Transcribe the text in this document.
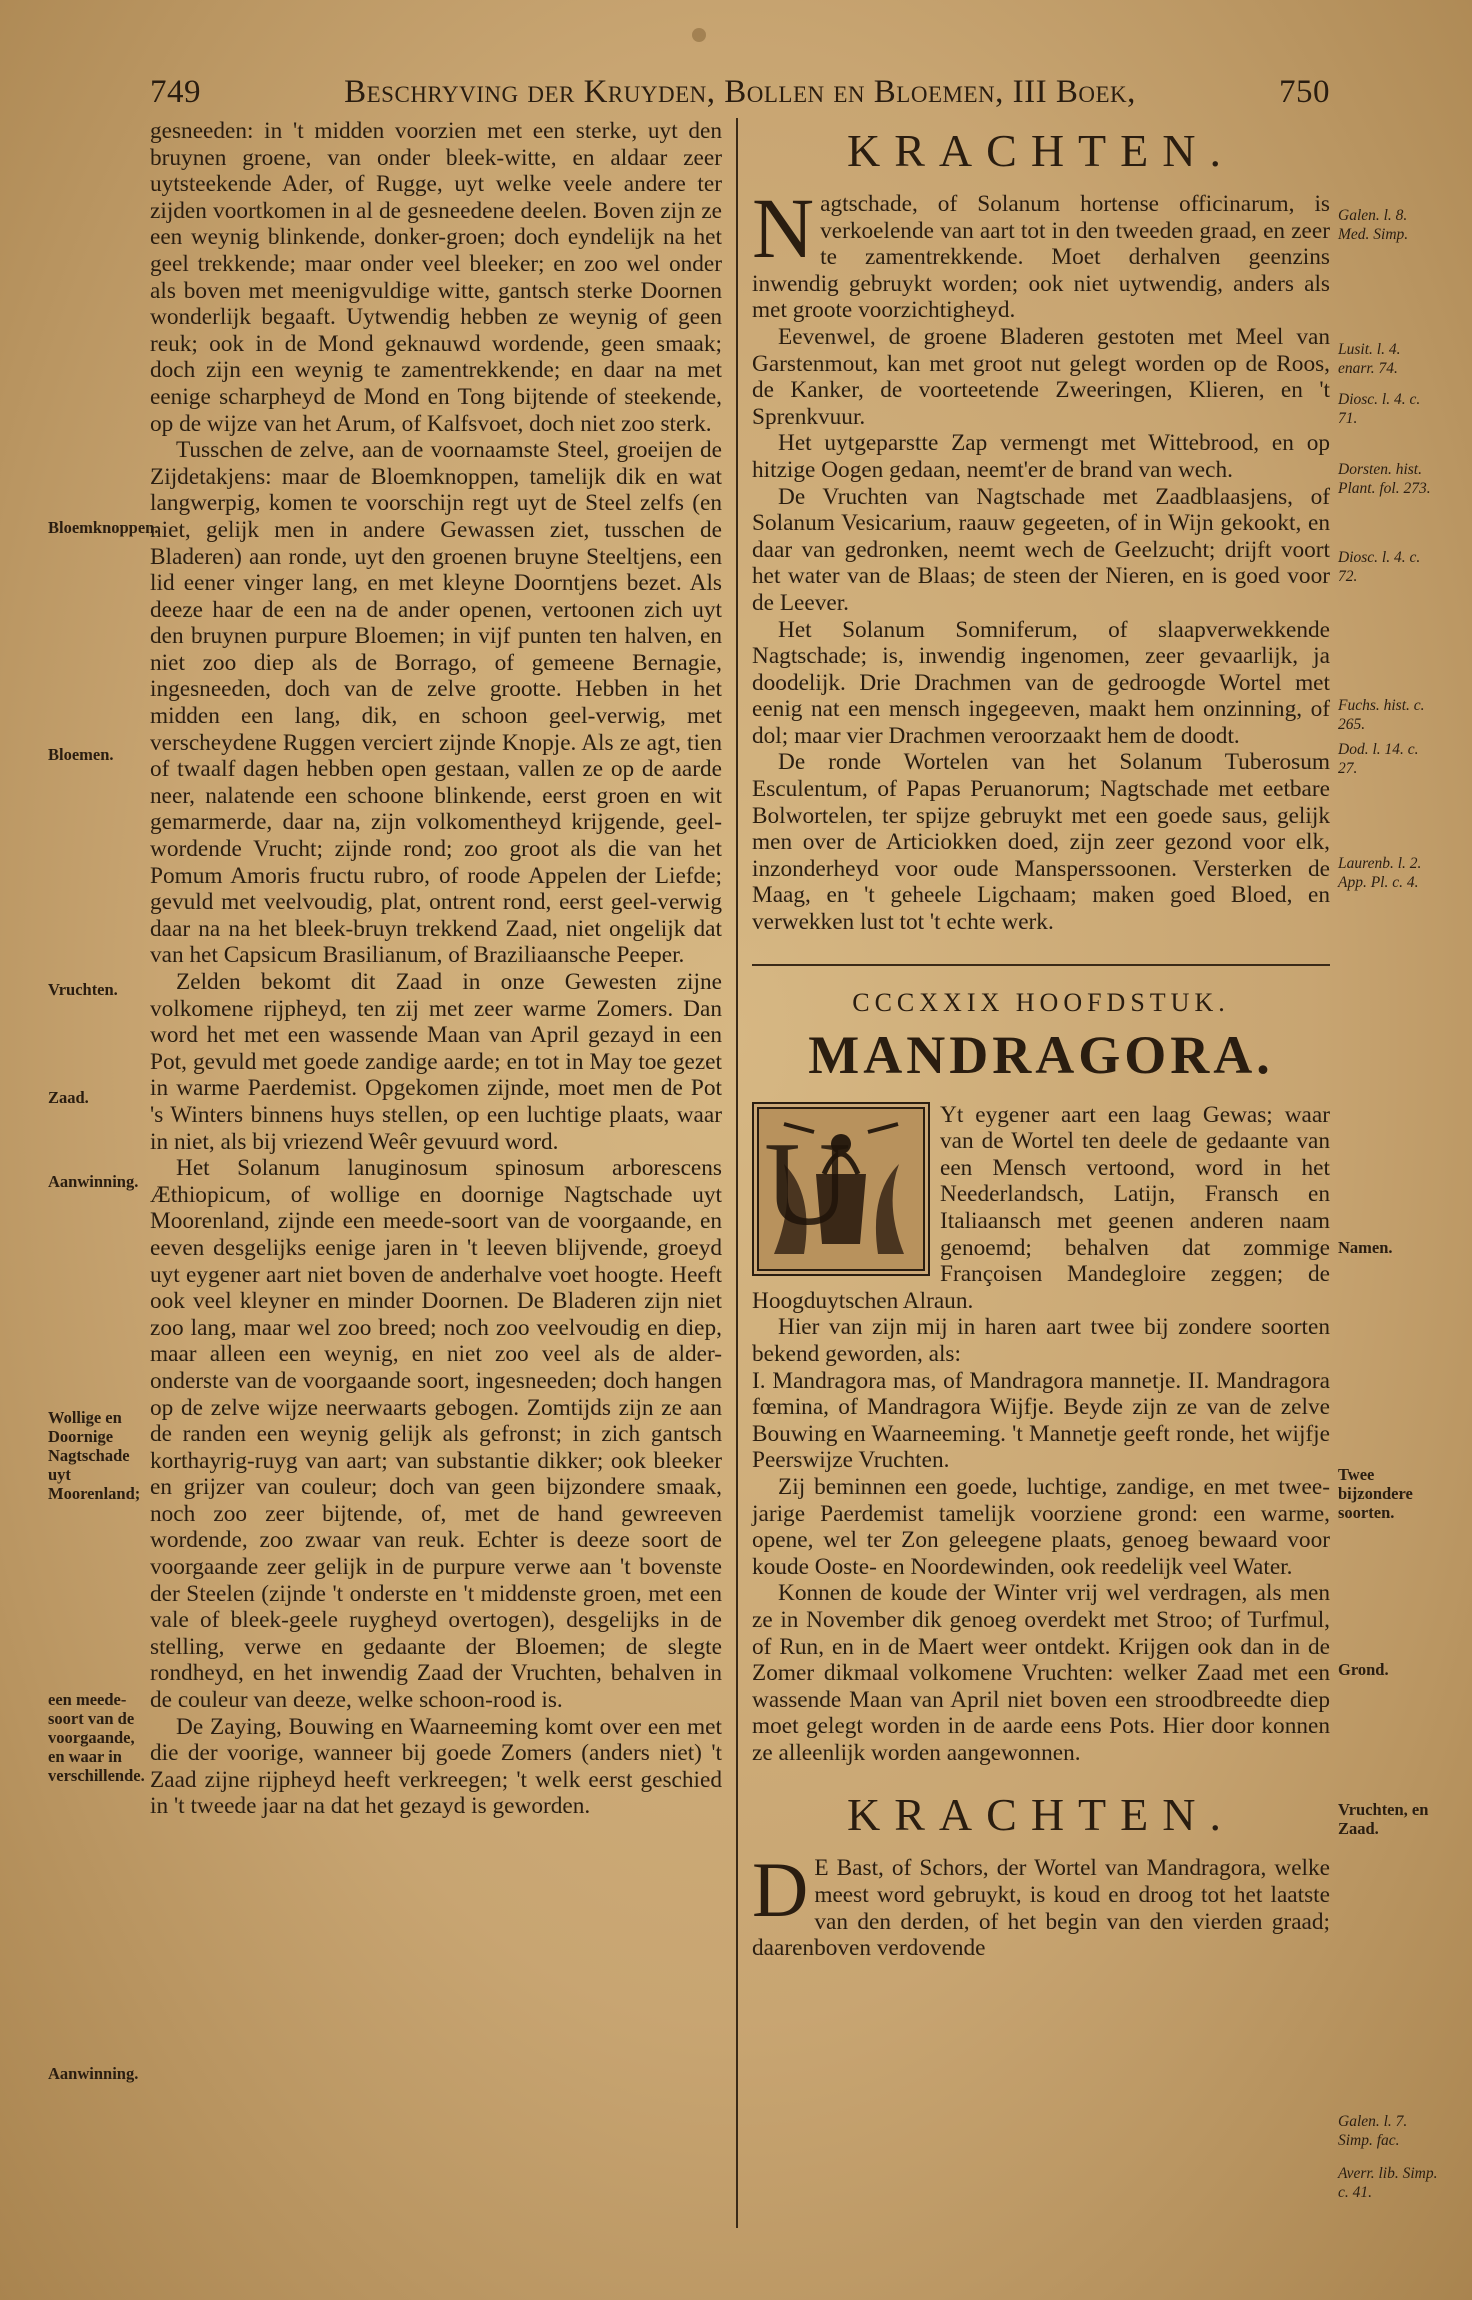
749	Beschryving der Kruyden, Bollen en Bloemen, III Boek,	750
Bloemknoppen.
Bloemen.
Vruchten.
Zaad.
Aanwinning.
Wollige en Doornige Nagtschade uyt Moorenland;
een meede-soort van de voorgaande, en waar in verschillende.
Aanwinning.

gesneeden: in 't midden voorzien met een sterke, uyt den bruynen groene, van onder bleek-witte, en aldaar zeer uytsteekende Ader, of Rugge, uyt welke veele andere ter zijden voortkomen in al de gesneedene deelen. Boven zijn ze een weynig blinkende, donker-groen; doch eyndelijk na het geel trekkende; maar onder veel bleeker; en zoo wel onder als boven met meenigvuldige witte, gantsch sterke Doornen wonderlijk begaaft. Uytwendig hebben ze weynig of geen reuk; ook in de Mond geknauwd wordende, geen smaak; doch zijn een weynig te zamentrekkende; en daar na met eenige scharpheyd de Mond en Tong bijtende of steekende, op de wijze van het Arum, of Kalfsvoet, doch niet zoo sterk.

Tusschen de zelve, aan de voornaamste Steel, groeijen de Zijdetakjens: maar de Bloemknoppen, tamelijk dik en wat langwerpig, komen te voorschijn regt uyt de Steel zelfs (en niet, gelijk men in andere Gewassen ziet, tusschen de Bladeren) aan ronde, uyt den groenen bruyne Steeltjens, een lid eener vinger lang, en met kleyne Doorntjens bezet. Als deeze haar de een na de ander openen, vertoonen zich uyt den bruynen purpure Bloemen; in vijf punten ten halven, en niet zoo diep als de Borrago, of gemeene Bernagie, ingesneeden, doch van de zelve grootte. Hebben in het midden een lang, dik, en schoon geel-verwig, met verscheydene Ruggen verciert zijnde Knopje. Als ze agt, tien of twaalf dagen hebben open gestaan, vallen ze op de aarde neer, nalatende een schoone blinkende, eerst groen en wit gemarmerde, daar na, zijn volkomentheyd krijgende, geel-wordende Vrucht; zijnde rond; zoo groot als die van het Pomum Amoris fructu rubro, of roode Appelen der Liefde; gevuld met veelvoudig, plat, ontrent rond, eerst geel-verwig daar na na het bleek-bruyn trekkend Zaad, niet ongelijk dat van het Capsicum Brasilianum, of Braziliaansche Peeper.

Zelden bekomt dit Zaad in onze Gewesten zijne volkomene rijpheyd, ten zij met zeer warme Zomers. Dan word het met een wassende Maan van April gezayd in een Pot, gevuld met goede zandige aarde; en tot in May toe gezet in warme Paerdemist. Opgekomen zijnde, moet men de Pot 's Winters binnens huys stellen, op een luchtige plaats, waar in niet, als bij vriezend Weêr gevuurd word.

Het Solanum lanuginosum spinosum arborescens Æthiopicum, of wollige en doornige Nagtschade uyt Moorenland, zijnde een meede-soort van de voorgaande, en eeven desgelijks eenige jaren in 't leeven blijvende, groeyd uyt eygener aart niet boven de anderhalve voet hoogte. Heeft ook veel kleyner en minder Doornen. De Bladeren zijn niet zoo lang, maar wel zoo breed; noch zoo veelvoudig en diep, maar alleen een weynig, en niet zoo veel als de alder-onderste van de voorgaande soort, ingesneeden; doch hangen op de zelve wijze neerwaarts gebogen. Zomtijds zijn ze aan de randen een weynig gelijk als gefronst; in zich gantsch korthayrig-ruyg van aart; van substantie dikker; ook bleeker en grijzer van couleur; doch van geen bijzondere smaak, noch zoo zeer bijtende, of, met de hand gewreeven wordende, zoo zwaar van reuk. Echter is deeze soort de voorgaande zeer gelijk in de purpure verwe aan 't bovenste der Steelen (zijnde 't onderste en 't middenste groen, met een vale of bleek-geele ruygheyd overtogen), desgelijks in de stelling, verwe en gedaante der Bloemen; de slegte rondheyd, en het inwendig Zaad der Vruchten, behalven in de couleur van deeze, welke schoon-rood is.

De Zaying, Bouwing en Waarneeming komt over een met die der voorige, wanneer bij goede Zomers (anders niet) 't Zaad zijne rijpheyd heeft verkreegen; 't welk eerst geschied in 't tweede jaar na dat het gezayd is geworden.

Galen. l. 8. Med. Simp.
Lusit. l. 4. enarr. 74.
Diosc. l. 4. c. 71.
Dorsten. hist. Plant. fol. 273.
Diosc. l. 4. c. 72.
Fuchs. hist. c. 265.
Dod. l. 14. c. 27.
Laurenb. l. 2. App. Pl. c. 4.
Namen.
Twee bijzondere soorten.
Grond.
Vruchten, en Zaad.
Galen. l. 7. Simp. fac.
Averr. lib. Simp. c. 41.
KRACHTEN.
N agtschade, of Solanum hortense officinarum, is verkoelende van aart tot in den tweeden graad, en zeer te zamentrekkende. Moet derhalven geenzins inwendig gebruykt worden; ook niet uytwendig, anders als met groote voorzichtigheyd.

Eevenwel, de groene Bladeren gestoten met Meel van Garstenmout, kan met groot nut gelegt worden op de Roos, de Kanker, de voorteetende Zweeringen, Klieren, en 't Sprenkvuur.

Het uytgeparstte Zap vermengt met Wittebrood, en op hitzige Oogen gedaan, neemt'er de brand van wech.

De Vruchten van Nagtschade met Zaadblaasjens, of Solanum Vesicarium, raauw gegeeten, of in Wijn gekookt, en daar van gedronken, neemt wech de Geelzucht; drijft voort het water van de Blaas; de steen der Nieren, en is goed voor de Leever.

Het Solanum Somniferum, of slaapverwekkende Nagtschade; is, inwendig ingenomen, zeer gevaarlijk, ja doodelijk. Drie Drachmen van de gedroogde Wortel met eenig nat een mensch ingegeeven, maakt hem onzinning, of dol; maar vier Drachmen veroorzaakt hem de doodt.

De ronde Wortelen van het Solanum Tuberosum Esculentum, of Papas Peruanorum; Nagtschade met eetbare Bolwortelen, ter spijze gebruykt met een goede saus, gelijk men over de Articiokken doed, zijn zeer gezond voor elk, inzonderheyd voor oude Mansperssoonen. Versterken de Maag, en 't geheele Ligchaam; maken goed Bloed, en verwekken lust tot 't echte werk.

CCCXXIX HOOFDSTUK.
MANDRAGORA.
U

Yt eygener aart een laag Gewas; waar van de Wortel ten deele de gedaante van een Mensch vertoond, word in het Neederlandsch, Latijn, Fransch en Italiaansch met geenen anderen naam genoemd; behalven dat zommige Françoisen Mandegloire zeggen; de Hoogduytschen Alraun.

Hier van zijn mij in haren aart twee bij zondere soorten bekend geworden, als:

I. Mandragora mas, of Mandragora mannetje. II. Mandragora fœmina, of Mandragora Wijfje. Beyde zijn ze van de zelve Bouwing en Waarneeming. 't Mannetje geeft ronde, het wijfje Peerswijze Vruchten.

Zij beminnen een goede, luchtige, zandige, en met twee-jarige Paerdemist tamelijk voorziene grond: een warme, opene, wel ter Zon geleegene plaats, genoeg bewaard voor koude Ooste- en Noordewinden, ook reedelijk veel Water.

Konnen de koude der Winter vrij wel verdragen, als men ze in November dik genoeg overdekt met Stroo; of Turfmul, of Run, en in de Maert weer ontdekt. Krijgen ook dan in de Zomer dikmaal volkomene Vruchten: welker Zaad met een wassende Maan van April niet boven een stroodbreedte diep moet gelegt worden in de aarde eens Pots. Hier door konnen ze alleenlijk worden aangewonnen.

KRACHTEN.
D E Bast, of Schors, der Wortel van Mandragora, welke meest word gebruykt, is koud en droog tot het laatste van den derden, of het begin van den vierden graad; daarenboven verdovende
